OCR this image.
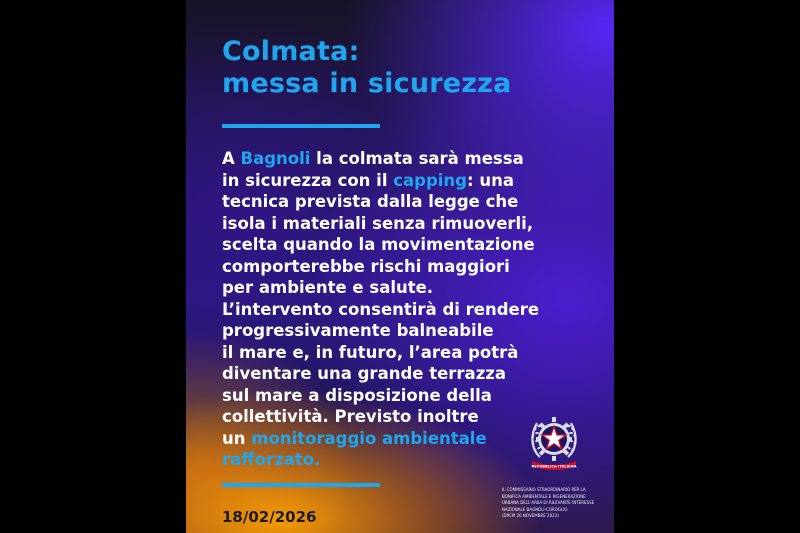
Colmata:
messa in sicurezza

A Bagnoli la colmata sarà messa
in sicurezza con il capping: una
tecnica prevista dalla legge che
isola i materiali senza rimuoverli,
scelta quando la movimentazione
comporterebbe rischi maggiori
per ambiente e salute.
L’intervento consentirà di rendere
progressivamente balneabile
il mare e, in futuro, l’area potrà
diventare una grande terrazza
sul mare a disposizione della
collettività. Previsto inoltre
un monitoraggio ambientale
rafforzato.	REPUBBLICA ITALIANA
IL COMMISSARIO STRAORDINARIO PER LA
BONIFICA AMBIENTALE E RIGENERAZIONE
URBANA DELL'AREA DI RILEVANTE INTERESSE
NAZIONALE BAGNOLI-COROGLIO
(DPCM 20 NOVEMBRE 2023)

18/02/2026
